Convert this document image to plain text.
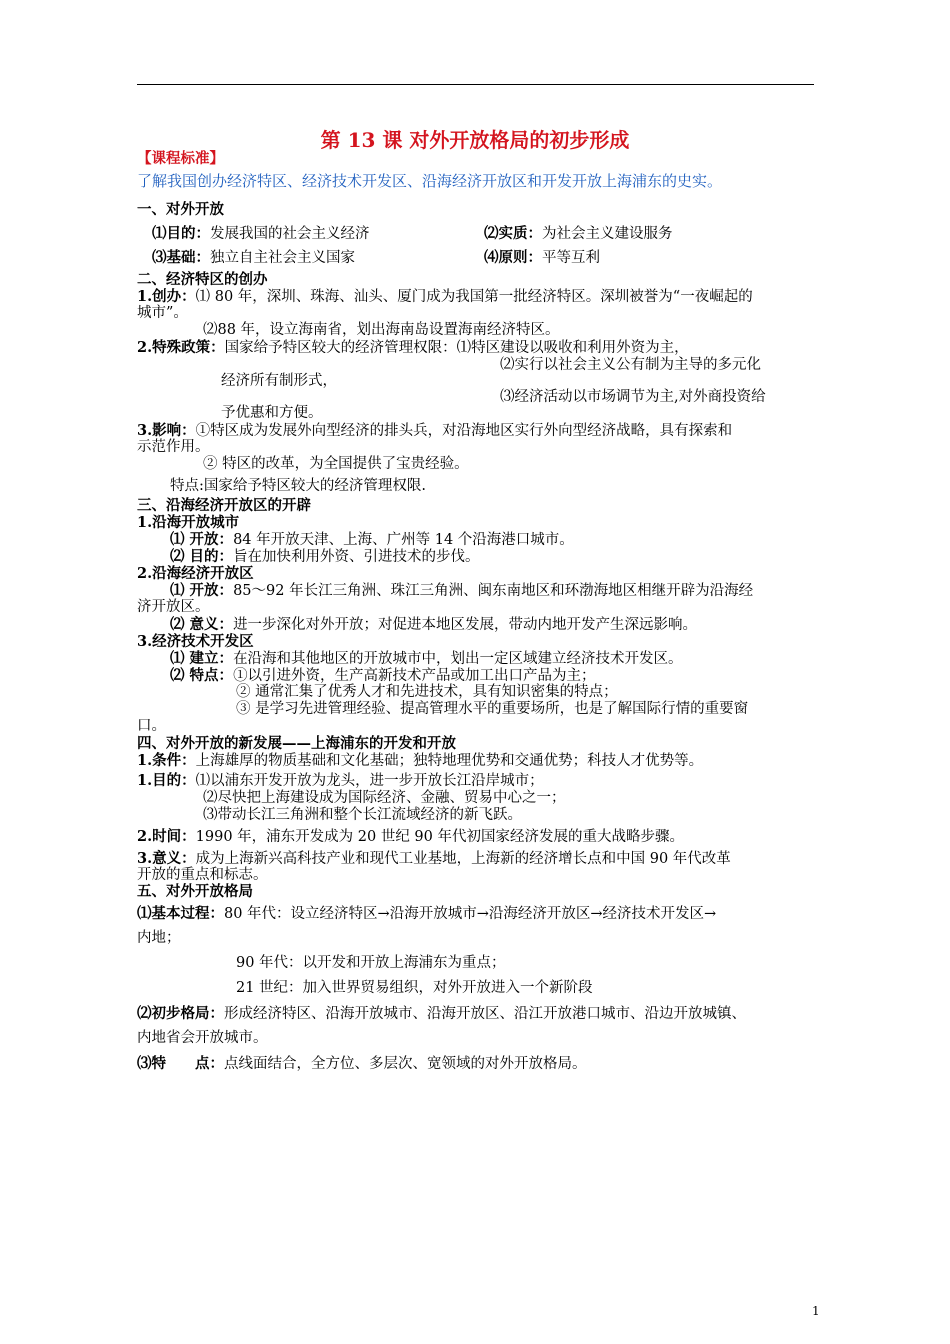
第 13 课 对外开放格局的初步形成
【课程标准】
了解我国创办经济特区、经济技术开发区、沿海经济开放区和开发开放上海浦东的史实。
一、对外开放
⑴目的：发展我国的社会主义经济	⑵实质：为社会主义建设服务
⑶基础：独立自主社会主义国家	⑷原则：平等互利
二、经济特区的创办
1.创办：⑴ 80 年，深圳、珠海、汕头、厦门成为我国第一批经济特区。深圳被誉为“一夜崛起的
城市”。
⑵88 年，设立海南省，划出海南岛设置海南经济特区。
2.特殊政策：国家给予特区较大的经济管理权限：⑴特区建设以吸收和利用外资为主，
⑵实行以社会主义公有制为主导的多元化
经济所有制形式，
⑶经济活动以市场调节为主,对外商投资给
予优惠和方便。
3.影响：①特区成为发展外向型经济的排头兵，对沿海地区实行外向型经济战略，具有探索和
示范作用。
② 特区的改革，为全国提供了宝贵经验。
特点:国家给予特区较大的经济管理权限.
三、沿海经济开放区的开辟
1.沿海开放城市
⑴ 开放：84 年开放天津、上海、广州等 14 个沿海港口城市。
⑵ 目的：旨在加快利用外资、引进技术的步伐。
2.沿海经济开放区
⑴ 开放：85～92 年长江三角洲、珠江三角洲、闽东南地区和环渤海地区相继开辟为沿海经
济开放区。
⑵ 意义：进一步深化对外开放；对促进本地区发展，带动内地开发产生深远影响。
3.经济技术开发区
⑴ 建立：在沿海和其他地区的开放城市中，划出一定区域建立经济技术开发区。
⑵ 特点：①以引进外资，生产高新技术产品或加工出口产品为主；
② 通常汇集了优秀人才和先进技术，具有知识密集的特点；
③ 是学习先进管理经验、提高管理水平的重要场所，也是了解国际行情的重要窗
口。
四、对外开放的新发展——上海浦东的开发和开放
1.条件：上海雄厚的物质基础和文化基础；独特地理优势和交通优势；科技人才优势等。
1.目的：⑴以浦东开发开放为龙头，进一步开放长江沿岸城市；
⑵尽快把上海建设成为国际经济、金融、贸易中心之一；
⑶带动长江三角洲和整个长江流域经济的新飞跃。
2.时间：1990 年，浦东开发成为 20 世纪 90 年代初国家经济发展的重大战略步骤。
3.意义：成为上海新兴高科技产业和现代工业基地，上海新的经济增长点和中国 90 年代改革
开放的重点和标志。
五、对外开放格局
⑴基本过程：80 年代：设立经济特区→沿海开放城市→沿海经济开放区→经济技术开发区→
内地；
90 年代：以开发和开放上海浦东为重点；
21 世纪：加入世界贸易组织，对外开放进入一个新阶段
⑵初步格局：形成经济特区、沿海开放城市、沿海开放区、沿江开放港口城市、沿边开放城镇、
内地省会开放城市。
⑶特　　点：点线面结合，全方位、多层次、宽领域的对外开放格局。
1
